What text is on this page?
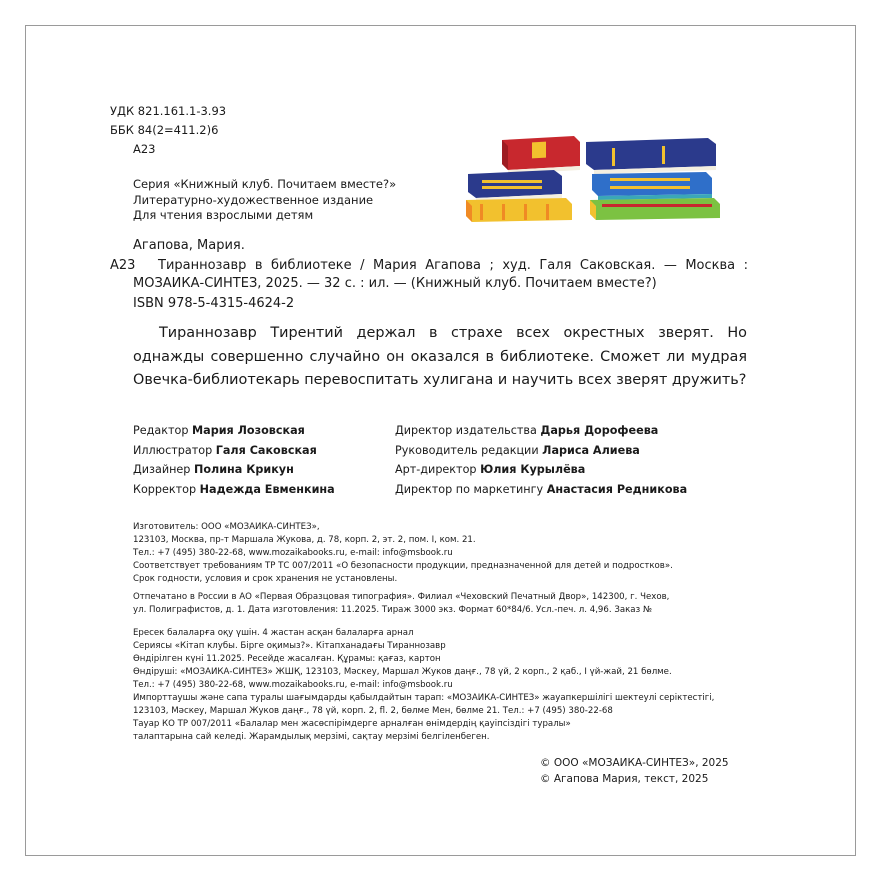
УДК 821.161.1-3.93
ББК 84(2=411.2)6
А23
Серия «Книжный клуб. Почитаем вместе?»
Литературно-художественное издание
Для чтения взрослыми детям
Агапова, Мария.
А23 Тираннозавр в библиотеке / Мария Агапова ; худ. Галя Саковская. — Москва :
МОЗАИКА-СИНТЕЗ, 2025. — 32 с. : ил. — (Книжный клуб. Почитаем вместе?)
ISBN 978-5-4315-4624-2
Тираннозавр Тирентий держал в страхе всех окрестных зверят. Но однажды совершенно случайно он оказался в библиотеке. Сможет ли мудрая Овечка-библиотекарь перевоспитать хулигана и научить всех зверят дружить?
Редактор Мария Лозовская
Иллюстратор Галя Саковская
Дизайнер Полина Крикун
Корректор Надежда Евменкина
Директор издательства Дарья Дорофеева
Руководитель редакции Лариса Алиева
Арт-директор Юлия Курылёва
Директор по маркетингу Анастасия Редникова
Изготовитель: ООО «МОЗАИКА-СИНТЕЗ»,
123103, Москва, пр-т Маршала Жукова, д. 78, корп. 2, эт. 2, пом. I, ком. 21.
Тел.: +7 (495) 380-22-68, www.mozaikabooks.ru, e-mail: info@msbook.ru
Соответствует требованиям ТР ТС 007/2011 «О безопасности продукции, предназначенной для детей и подростков».
Срок годности, условия и срок хранения не установлены.
Отпечатано в России в АО «Первая Образцовая типография». Филиал «Чеховский Печатный Двор», 142300, г. Чехов,
ул. Полиграфистов, д. 1. Дата изготовления: 11.2025. Тираж 3000 экз. Формат 60*84/6. Усл.-печ. л. 4,96. Заказ №
Ересек балаларға оқу үшін. 4 жастан асқан балаларға арнал
Сериясы «Кітап клубы. Бірге оқимыз?». Кітапханадағы Тираннозавр
Өндірілген күні 11.2025. Ресейде жасалған. Құрамы: қағаз, картон
Өндіруші: «МОЗАИКА-СИНТЕЗ» ЖШҚ, 123103, Мәскеу, Маршал Жуков даңғ., 78 үй, 2 корп., 2 қаб., І үй-жай, 21 бөлме.
Тел.: +7 (495) 380-22-68, www.mozaikabooks.ru, e-mail: info@msbook.ru
Импорттаушы және сапа туралы шағымдарды қабылдайтын тарап: «МОЗАИКА-СИНТЕЗ» жауапкершілігі шектеулі серіктестігі,
123103, Мәскеу, Маршал Жуков даңғ., 78 үй, корп. 2, fl. 2, бөлме Мен, бөлме 21. Тел.: +7 (495) 380-22-68
Тауар КО ТР 007/2011 «Балалар мен жасөспірімдерге арналған өнімдердің қауіпсіздігі туралы»
талаптарына сай келеді. Жарамдылық мерзімі, сақтау мерзімі белгіленбеген.
© ООО «МОЗАИКА-СИНТЕЗ», 2025
© Агапова Мария, текст, 2025
